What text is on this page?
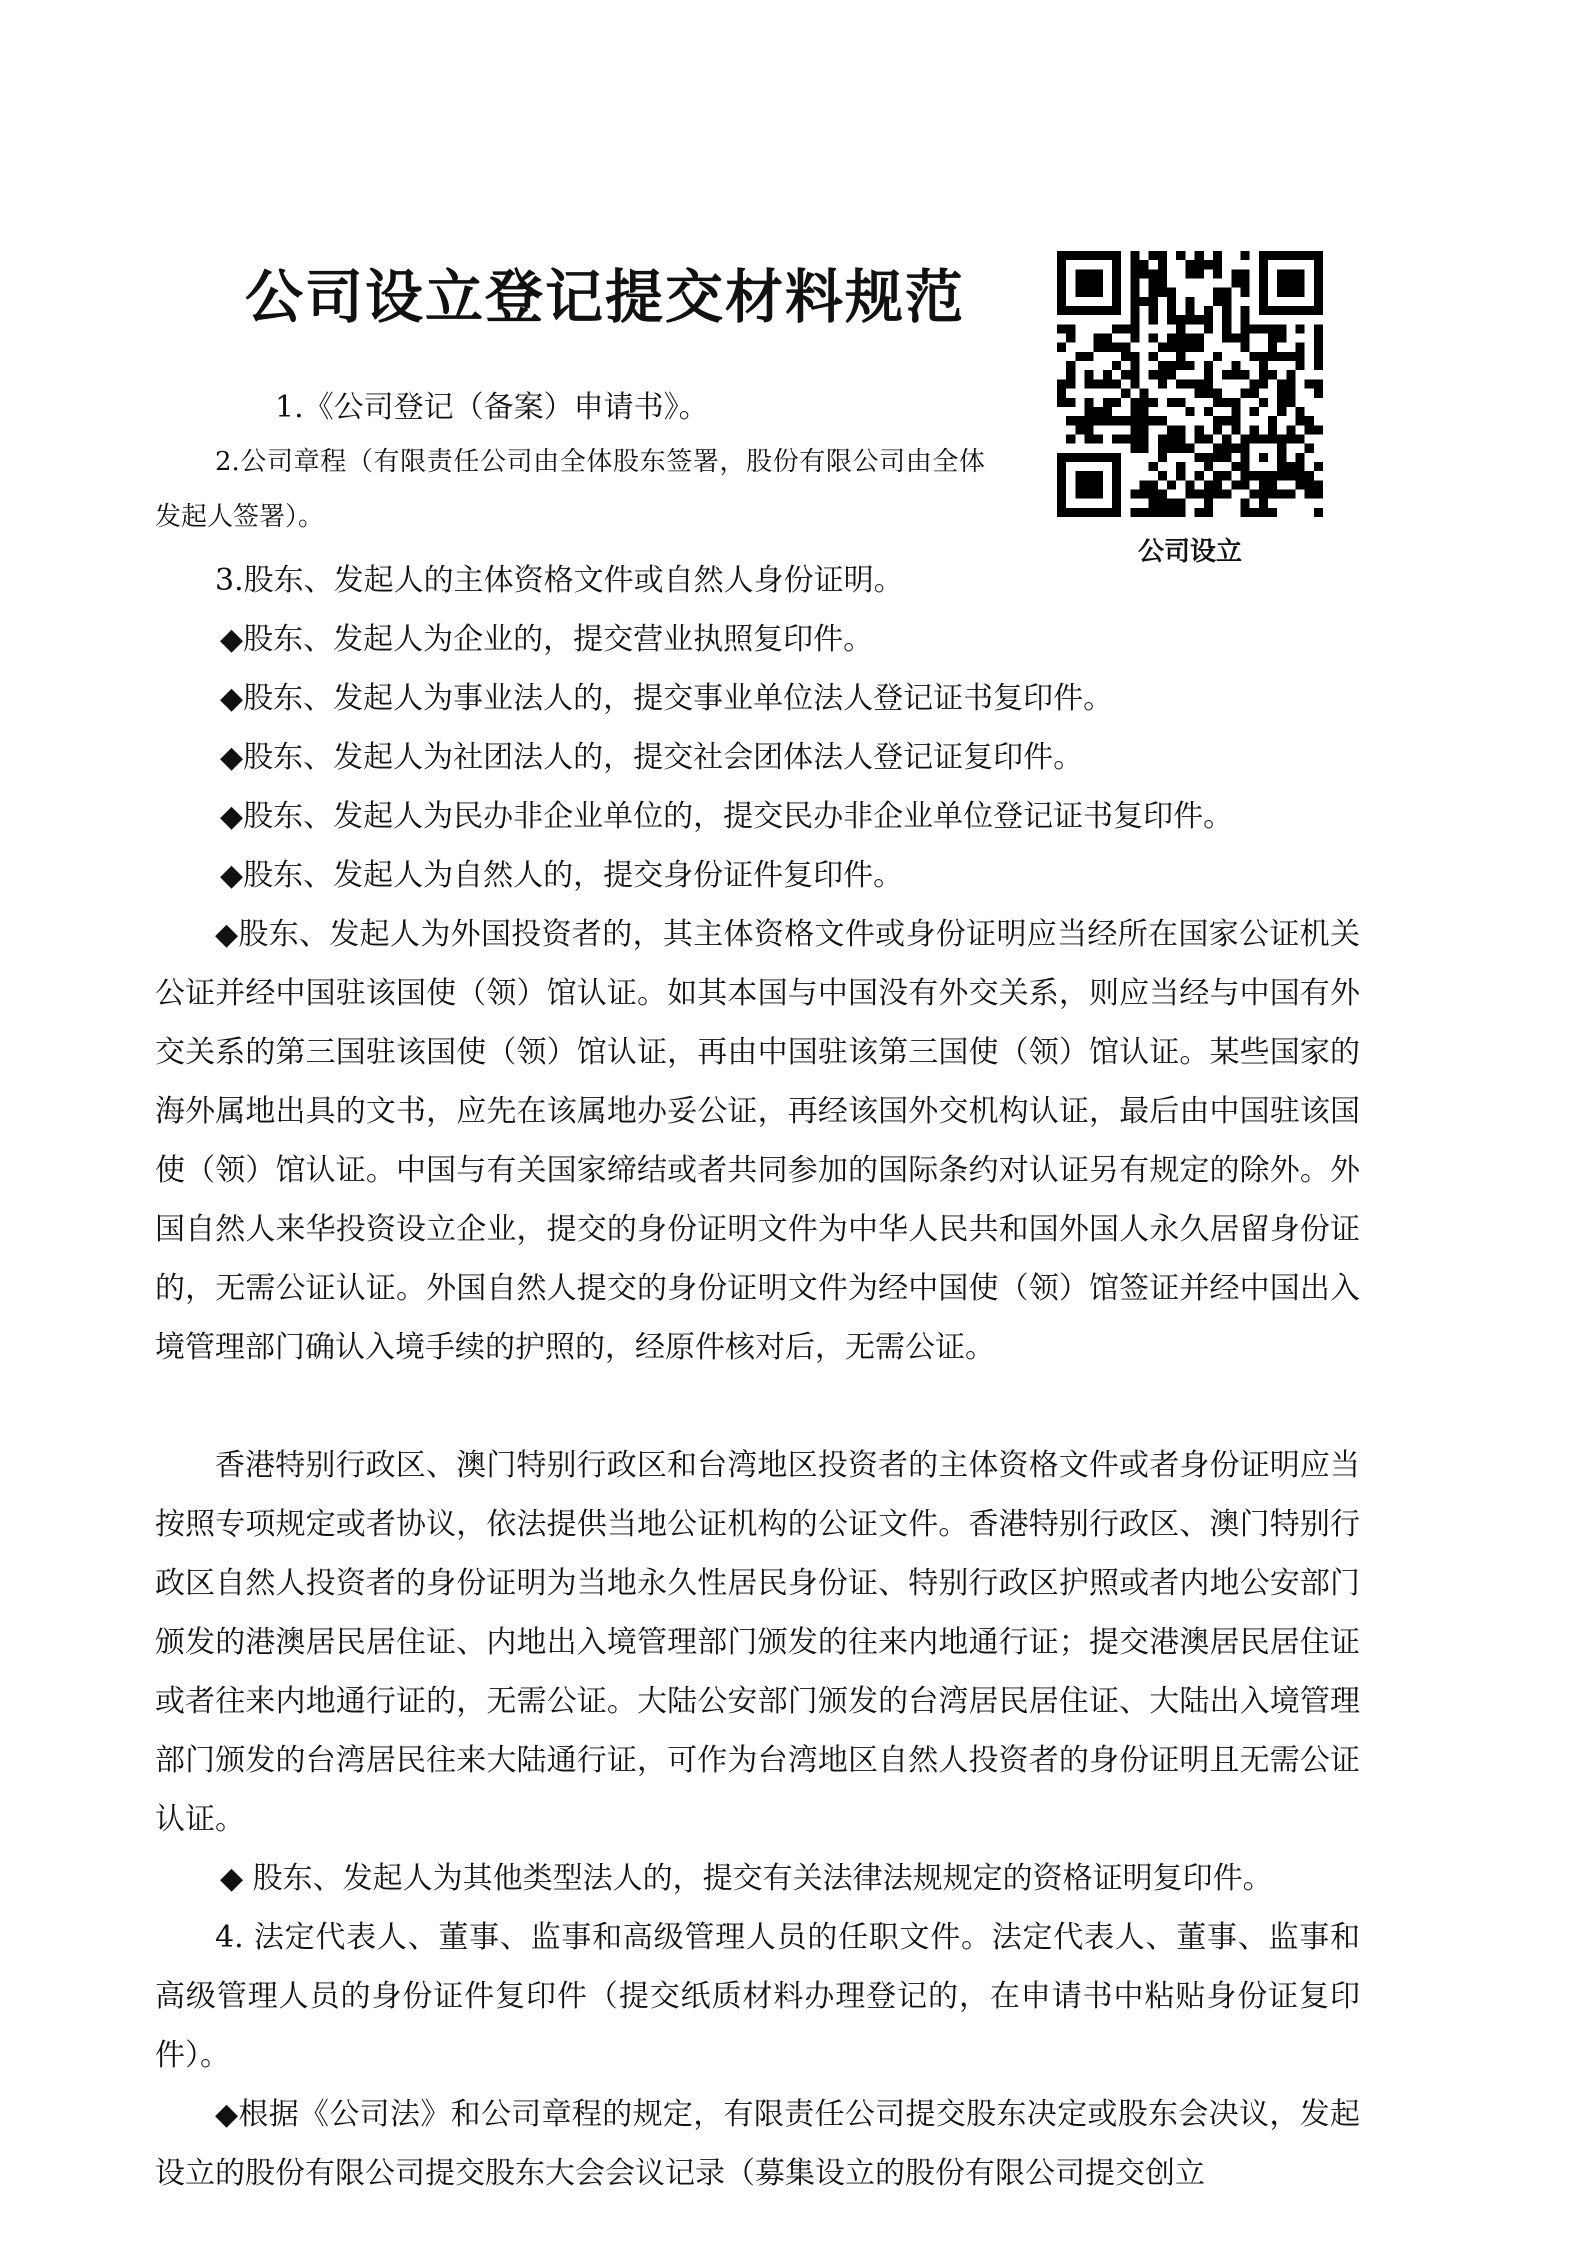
公司设立登记提交材料规范
公司设立

1.《公司登记（备案）申请书》。

2.公司章程（有限责任公司由全体股东签署，股份有限公司由全体发起人签署）。

3.股东、发起人的主体资格文件或自然人身份证明。

◆股东、发起人为企业的，提交营业执照复印件。

◆股东、发起人为事业法人的，提交事业单位法人登记证书复印件。

◆股东、发起人为社团法人的，提交社会团体法人登记证复印件。

◆股东、发起人为民办非企业单位的，提交民办非企业单位登记证书复印件。

◆股东、发起人为自然人的，提交身份证件复印件。

◆股东、发起人为外国投资者的，其主体资格文件或身份证明应当经所在国家公证机关公证并经中国驻该国使（领）馆认证。如其本国与中国没有外交关系，则应当经与中国有外交关系的第三国驻该国使（领）馆认证，再由中国驻该第三国使（领）馆认证。某些国家的海外属地出具的文书，应先在该属地办妥公证，再经该国外交机构认证，最后由中国驻该国使（领）馆认证。中国与有关国家缔结或者共同参加的国际条约对认证另有规定的除外。外国自然人来华投资设立企业，提交的身份证明文件为中华人民共和国外国人永久居留身份证的，无需公证认证。外国自然人提交的身份证明文件为经中国使（领）馆签证并经中国出入境管理部门确认入境手续的护照的，经原件核对后，无需公证。

香港特别行政区、澳门特别行政区和台湾地区投资者的主体资格文件或者身份证明应当按照专项规定或者协议，依法提供当地公证机构的公证文件。香港特别行政区、澳门特别行政区自然人投资者的身份证明为当地永久性居民身份证、特别行政区护照或者内地公安部门颁发的港澳居民居住证、内地出入境管理部门颁发的往来内地通行证；提交港澳居民居住证或者往来内地通行证的，无需公证。大陆公安部门颁发的台湾居民居住证、大陆出入境管理部门颁发的台湾居民往来大陆通行证，可作为台湾地区自然人投资者的身份证明且无需公证认证。

◆ 股东、发起人为其他类型法人的，提交有关法律法规规定的资格证明复印件。

4. 法定代表人、董事、监事和高级管理人员的任职文件。法定代表人、董事、监事和高级管理人员的身份证件复印件（提交纸质材料办理登记的，在申请书中粘贴身份证复印件）。

◆根据《公司法》和公司章程的规定，有限责任公司提交股东决定或股东会决议，发起设立的股份有限公司提交股东大会会议记录（募集设立的股份有限公司提交创立
